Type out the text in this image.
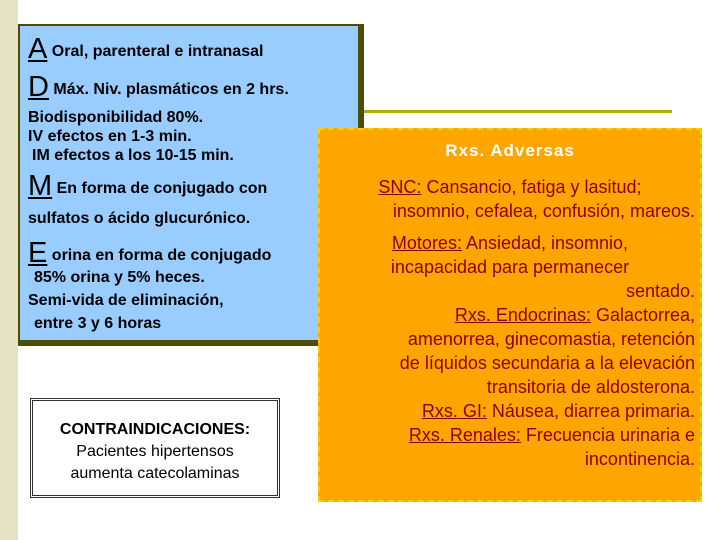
A Oral, parenteral e intranasal
D Máx. Niv. plasmáticos en 2 hrs.
Biodisponibilidad 80%.
IV efectos en 1-3 min.
IM efectos a los 10-15 min.
M En forma de conjugado con
sulfatos o ácido glucurónico.
E orina en forma de conjugado
85% orina y 5% heces.
Semi-vida de eliminación,
entre 3 y 6 horas
CONTRAINDICACIONES:
Pacientes hipertensos
aumenta catecolaminas
Rxs. Adversas
SNC: Cansancio, fatiga y lasitud;
insomnio, cefalea, confusión, mareos.
Motores: Ansiedad, insomnio,
incapacidad para permanecer
sentado.
Rxs. Endocrinas: Galactorrea,
amenorrea, ginecomastia, retención
de líquidos secundaria a la elevación
transitoria de aldosterona.
Rxs. GI: Náusea, diarrea primaria.
Rxs. Renales: Frecuencia urinaria e
incontinencia.
